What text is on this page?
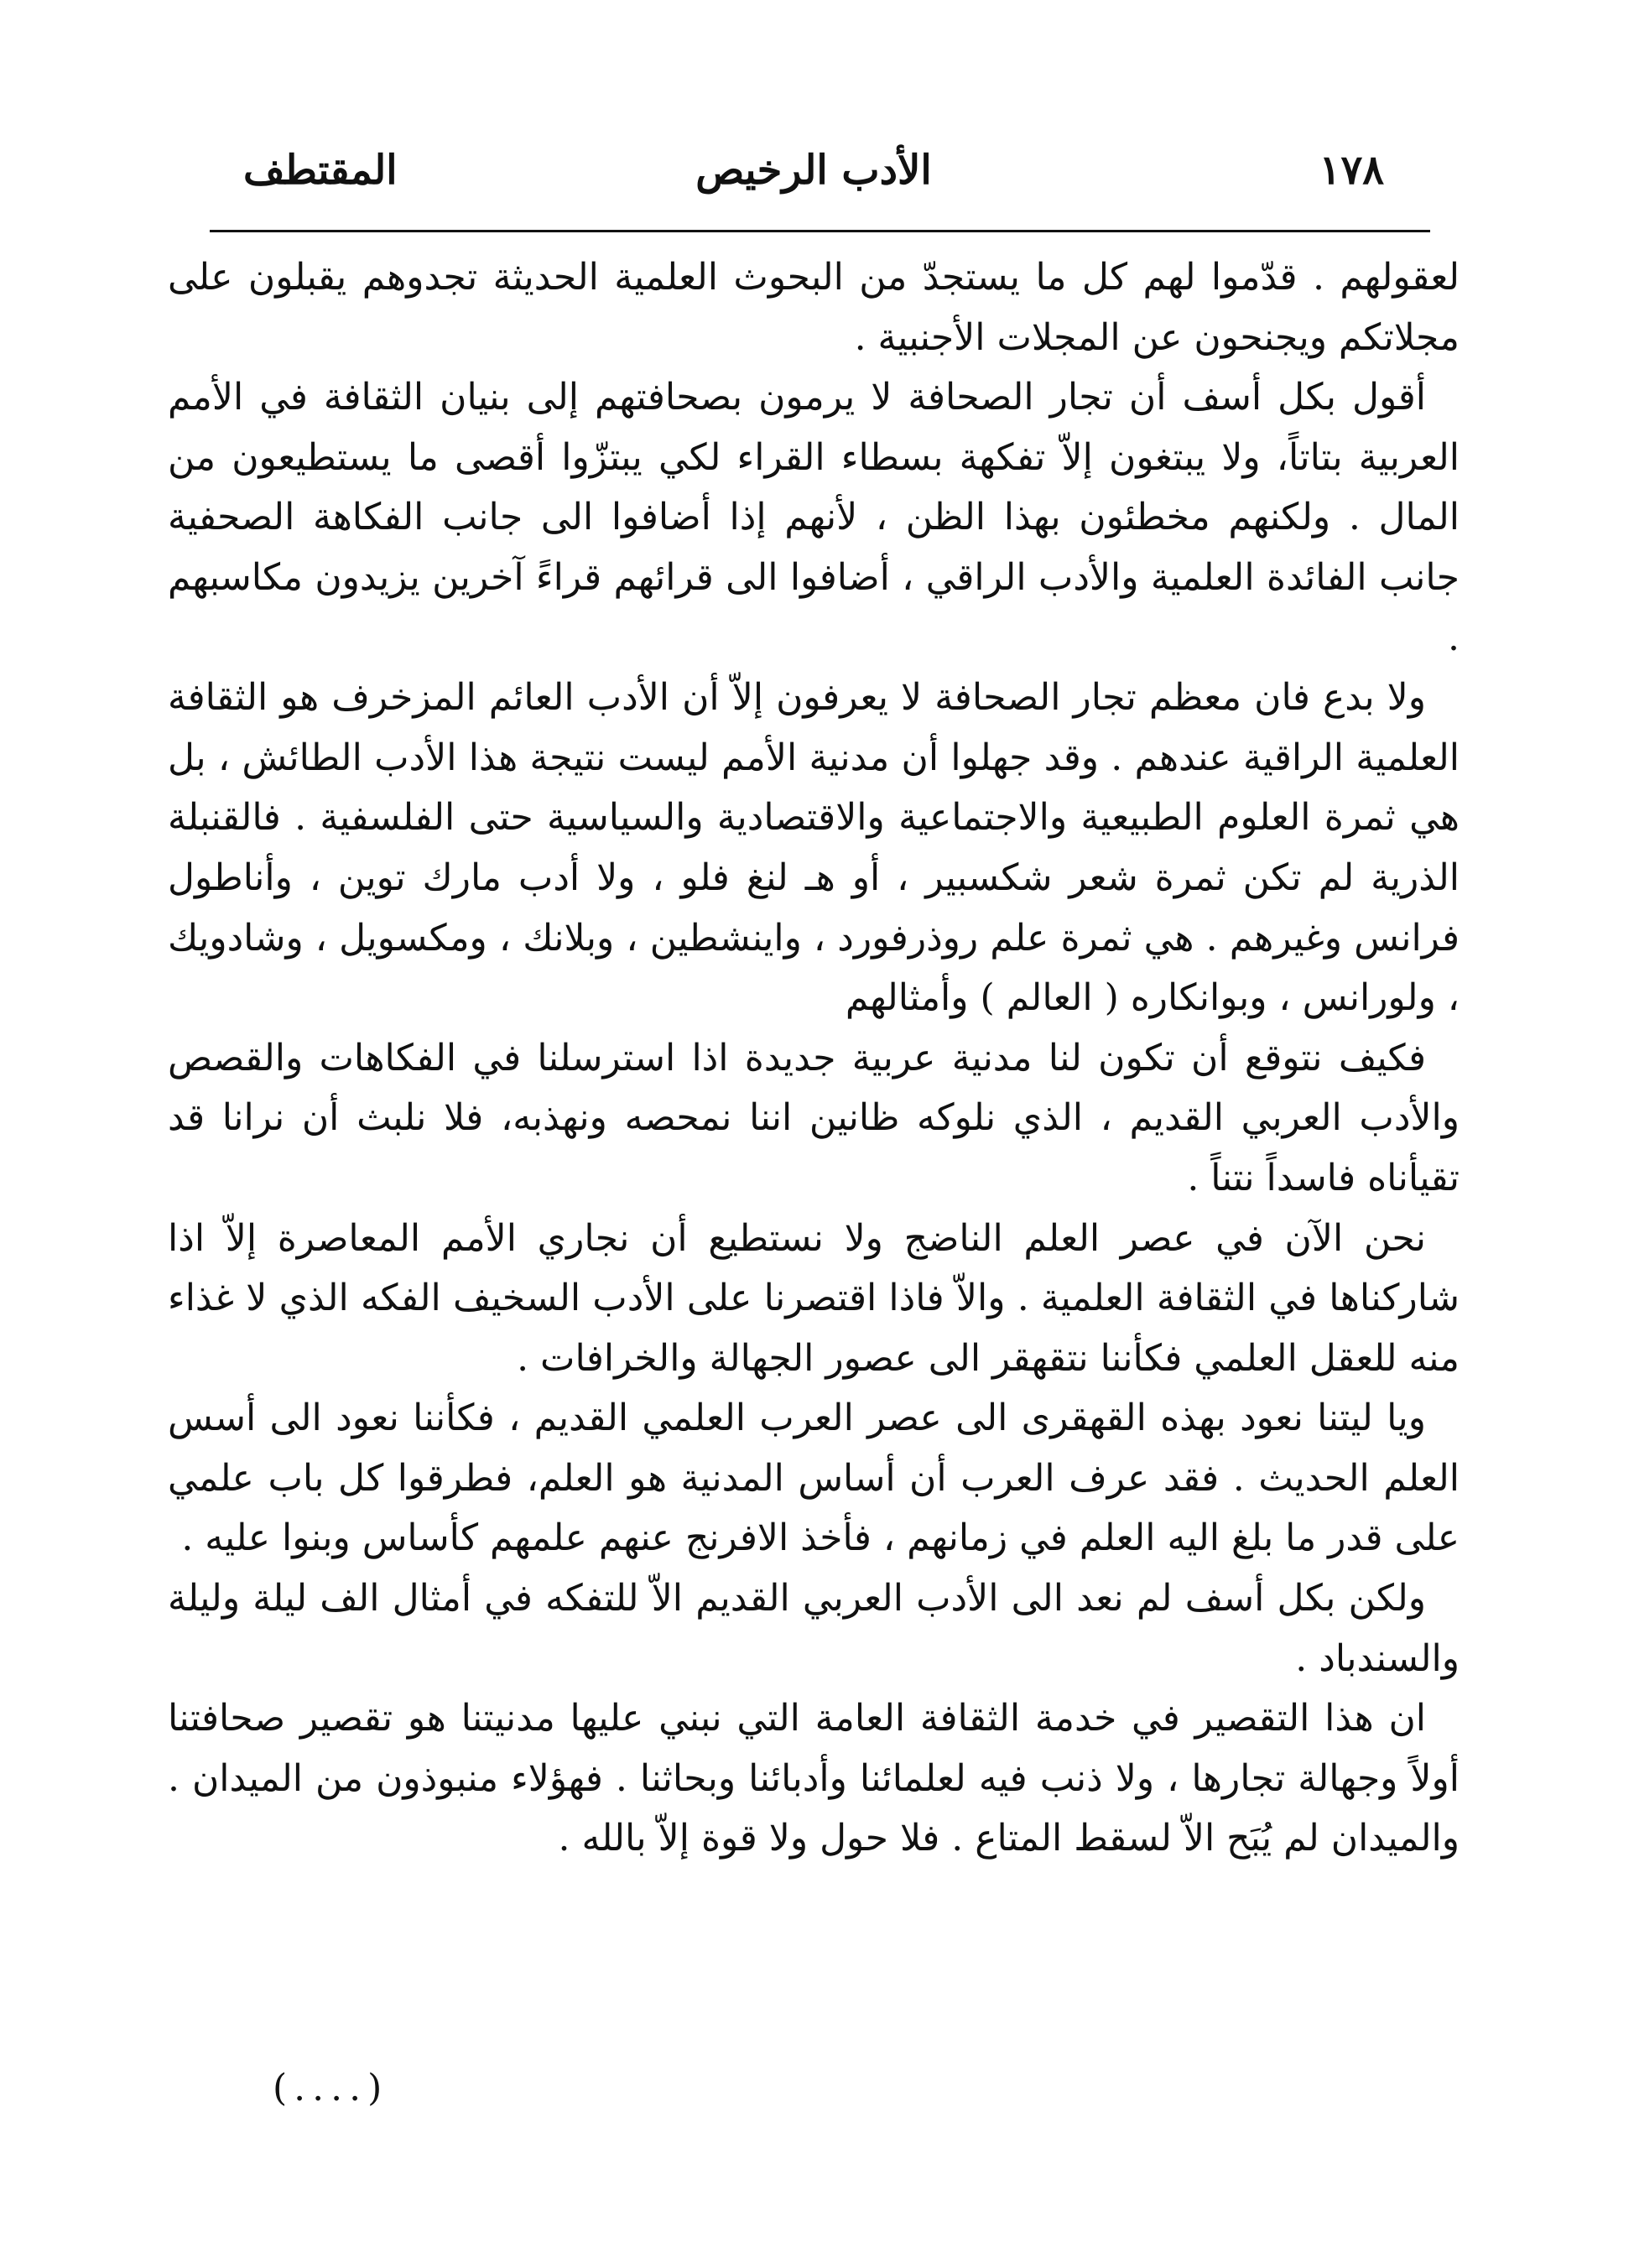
المقتطف	الأدب الرخيص	١٧٨

لعقولهم . قدّموا لهم كل ما يستجدّ من البحوث العلمية الحديثة تجدوهم يقبلون على مجلاتكم ويجنحون عن المجلات الأجنبية .

أقول بكل أسف أن تجار الصحافة لا يرمون بصحافتهم إلى بنيان الثقافة في الأمم العربية بتاتاً، ولا يبتغون إلاّ تفكهة بسطاء القراء لكي يبتزّوا أقصى ما يستطيعون من المال . ولكنهم مخطئون بهذا الظن ، لأنهم إذا أضافوا الى جانب الفكاهة الصحفية جانب الفائدة العلمية والأدب الراقي ، أضافوا الى قرائهم قراءً آخرين يزيدون مكاسبهم .

ولا بدع فان معظم تجار الصحافة لا يعرفون إلاّ أن الأدب العائم المزخرف هو الثقافة العلمية الراقية عندهم . وقد جهلوا أن مدنية الأمم ليست نتيجة هذا الأدب الطائش ، بل هي ثمرة العلوم الطبيعية والاجتماعية والاقتصادية والسياسية حتى الفلسفية . فالقنبلة الذرية لم تكن ثمرة شعر شكسبير ، أو هـ لنغ فلو ، ولا أدب مارك توين ، وأناطول فرانس وغيرهم . هي ثمرة علم روذرفورد ، واينشطين ، وبلانك ، ومكسويل ، وشادويك ، ولورانس ، وبوانكاره ( العالم ) وأمثالهم

فكيف نتوقع أن تكون لنا مدنية عربية جديدة اذا استرسلنا في الفكاهات والقصص والأدب العربي القديم ، الذي نلوكه ظانين اننا نمحصه ونهذبه، فلا نلبث أن نرانا قد تقيأناه فاسداً نتناً .

نحن الآن في عصر العلم الناضج ولا نستطيع أن نجاري الأمم المعاصرة إلاّ اذا شاركناها في الثقافة العلمية . والاّ فاذا اقتصرنا على الأدب السخيف الفكه الذي لا غذاء منه للعقل العلمي فكأننا نتقهقر الى عصور الجهالة والخرافات .

ويا ليتنا نعود بهذه القهقرى الى عصر العرب العلمي القديم ، فكأننا نعود الى أسس العلم الحديث . فقد عرف العرب أن أساس المدنية هو العلم، فطرقوا كل باب علمي على قدر ما بلغ اليه العلم في زمانهم ، فأخذ الافرنج عنهم علمهم كأساس وبنوا عليه .

ولكن بكل أسف لم نعد الى الأدب العربي القديم الاّ للتفكه في أمثال الف ليلة وليلة والسندباد .

ان هذا التقصير في خدمة الثقافة العامة التي نبني عليها مدنيتنا هو تقصير صحافتنا أولاً وجهالة تجارها ، ولا ذنب فيه لعلمائنا وأدبائنا وبحاثنا . فهؤلاء منبوذون من الميدان . والميدان لم يُبَح الاّ لسقط المتاع . فلا حول ولا قوة إلاّ بالله .

(....)
